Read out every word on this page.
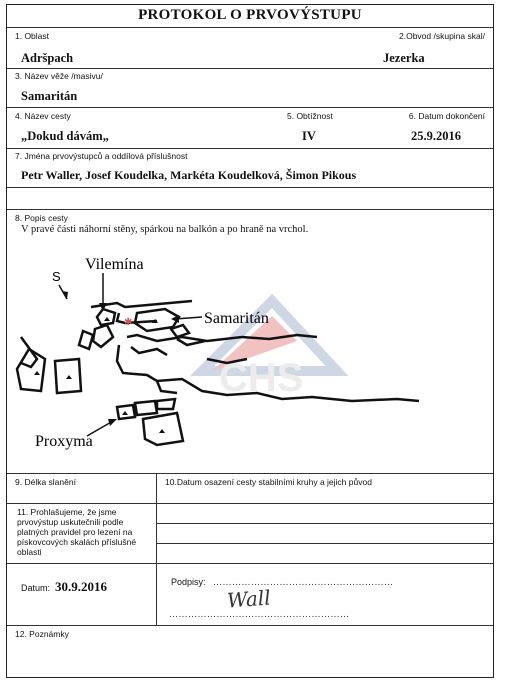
PROTOKOL O PRVOVÝSTUPU
1. Oblast	2.Obvod /skupina skal/
Adršpach	Jezerka
3. Název věže /masivu/
Samaritán
4. Název cesty	5. Obtížnost	6. Datum dokončení
„Dokud dávám„	IV	25.9.2016
7. Jména prvovýstupců a oddílová příslušnost
Petr Waller, Josef Koudelka, Markéta Koudelková, Šimon Pikous
8. Popis cesty
V pravé části náhorní stěny, spárkou na balkón a po hraně na vrchol.
CHS
S
Vilemína
Samaritán
Proxyma
✱
9. Délka slanění	10.Datum osazení cesty stabilními kruhy a jejich původ
11. Prohlašujeme, že jsme prvovýstup uskutečnili podle platných pravidel pro lezení na pískovcových skalách příslušné oblasti
Datum: 30.9.2016	Podpisy: …………………………………………………
…………………………………………………
Wall
12. Poznámky
